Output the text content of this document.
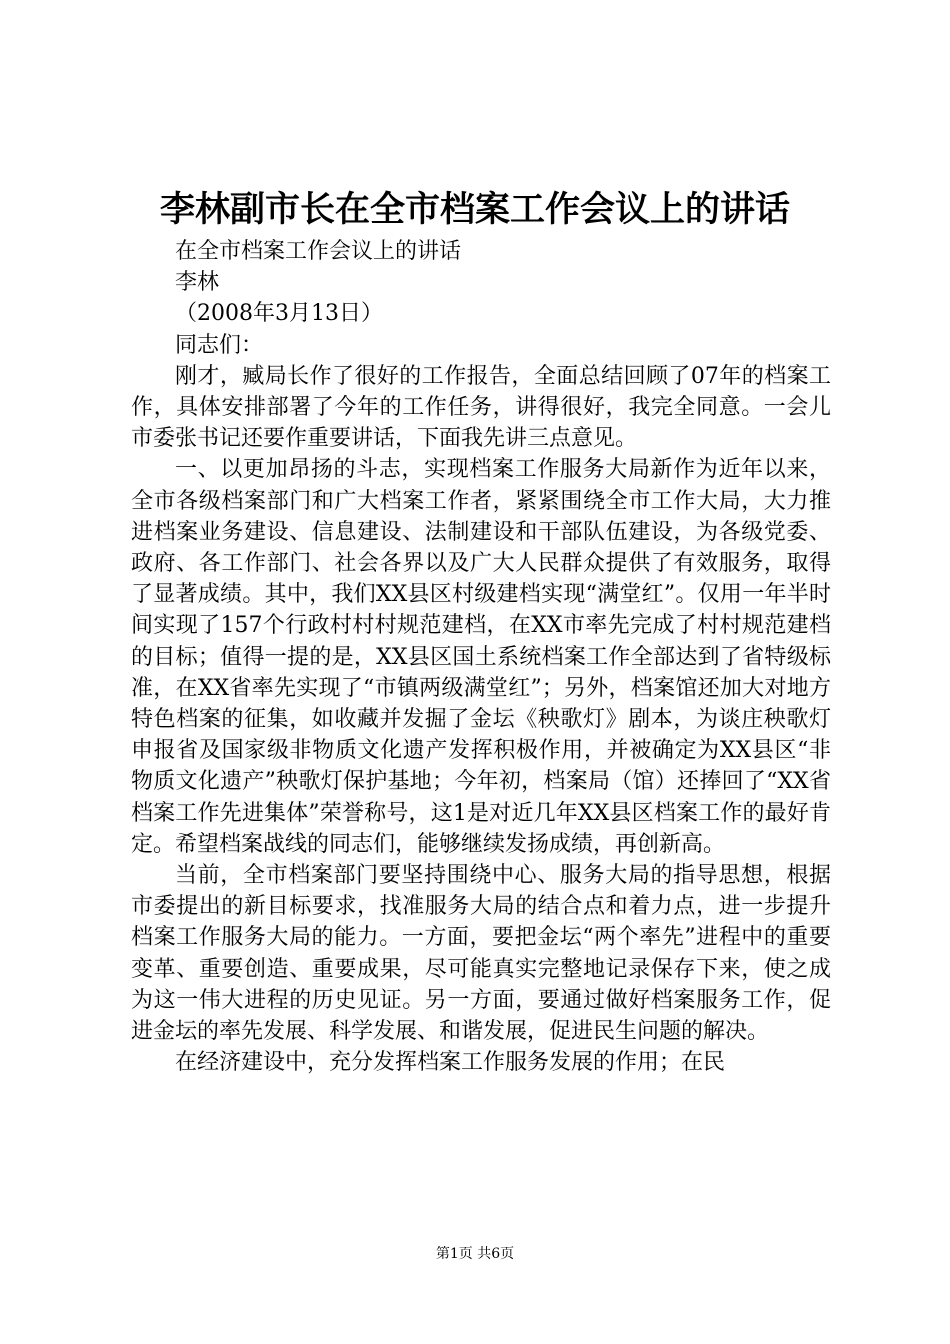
李林副市长在全市档案工作会议上的讲话

在全市档案工作会议上的讲话

李林

（2008年3月13日）

同志们：

刚才，臧局长作了很好的工作报告，全面总结回顾了07年的档案工作，具体安排部署了今年的工作任务，讲得很好，我完全同意。一会儿市委张书记还要作重要讲话，下面我先讲三点意见。

一、以更加昂扬的斗志，实现档案工作服务大局新作为近年以来，全市各级档案部门和广大档案工作者，紧紧围绕全市工作大局，大力推进档案业务建设、信息建设、法制建设和干部队伍建设，为各级党委、政府、各工作部门、社会各界以及广大人民群众提供了有效服务，取得了显著成绩。其中，我们XX县区村级建档实现“满堂红”。仅用一年半时间实现了157个行政村村村规范建档，在XX市率先完成了村村规范建档的目标；值得一提的是，XX县区国土系统档案工作全部达到了省特级标准，在XX省率先实现了“市镇两级满堂红”；另外，档案馆还加大对地方特色档案的征集，如收藏并发掘了金坛《秧歌灯》剧本，为谈庄秧歌灯申报省及国家级非物质文化遗产发挥积极作用，并被确定为XX县区“非物质文化遗产”秧歌灯保护基地；今年初，档案局（馆）还捧回了“XX省档案工作先进集体”荣誉称号，这1是对近几年XX县区档案工作的最好肯定。希望档案战线的同志们，能够继续发扬成绩，再创新高。

当前，全市档案部门要坚持围绕中心、服务大局的指导思想，根据市委提出的新目标要求，找准服务大局的结合点和着力点，进一步提升档案工作服务大局的能力。一方面，要把金坛“两个率先”进程中的重要变革、重要创造、重要成果，尽可能真实完整地记录保存下来，使之成为这一伟大进程的历史见证。另一方面，要通过做好档案服务工作，促进金坛的率先发展、科学发展、和谐发展，促进民生问题的解决。

在经济建设中，充分发挥档案工作服务发展的作用；在民

第1页 共6页
